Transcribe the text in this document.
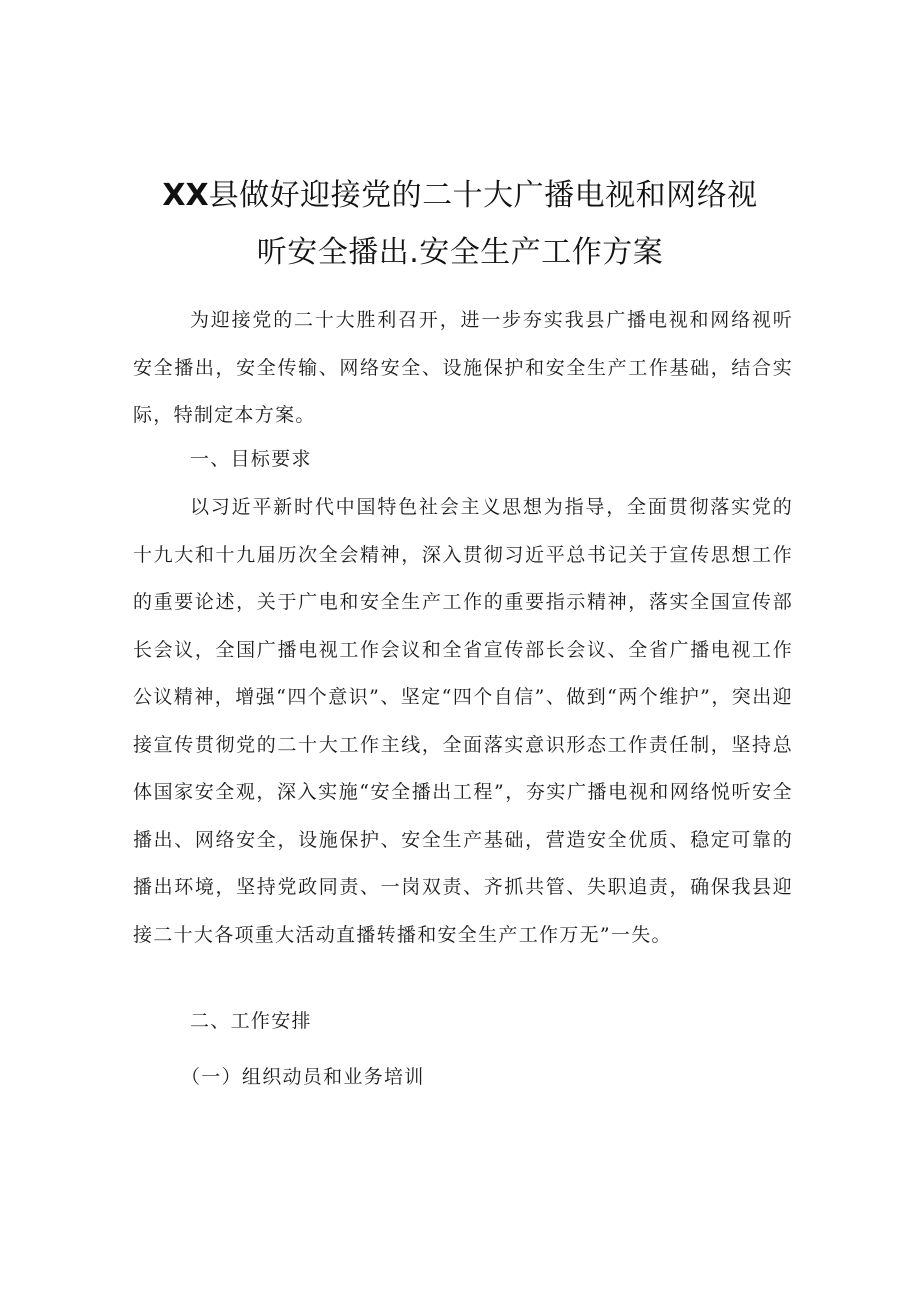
XX县做好迎接党的二十大广播电视和网络视
听安全播出.安全生产工作方案

为迎接党的二十大胜利召开，进一步夯实我县广播电视和网络视听安全播出，安全传输、网络安全、设施保护和安全生产工作基础，结合实际，特制定本方案。

一、目标要求

以习近平新时代中国特色社会主义思想为指导，全面贯彻落实党的十九大和十九届历次全会精神，深入贯彻习近平总书记关于宣传思想工作的重要论述，关于广电和安全生产工作的重要指示精神，落实全国宣传部长会议，全国广播电视工作会议和全省宣传部长会议、全省广播电视工作公议精神，增强“四个意识”、坚定“四个自信”、做到“两个维护”，突出迎接宣传贯彻党的二十大工作主线，全面落实意识形态工作责任制，坚持总体国家安全观，深入实施“安全播出工程”，夯实广播电视和网络悦听安全播出、网络安全，设施保护、安全生产基础，营造安全优质、稳定可靠的播出环境，坚持党政同责、一岗双责、齐抓共管、失职追责，确保我县迎接二十大各项重大活动直播转播和安全生产工作万无”一失。

二、工作安排

（一）组织动员和业务培训
